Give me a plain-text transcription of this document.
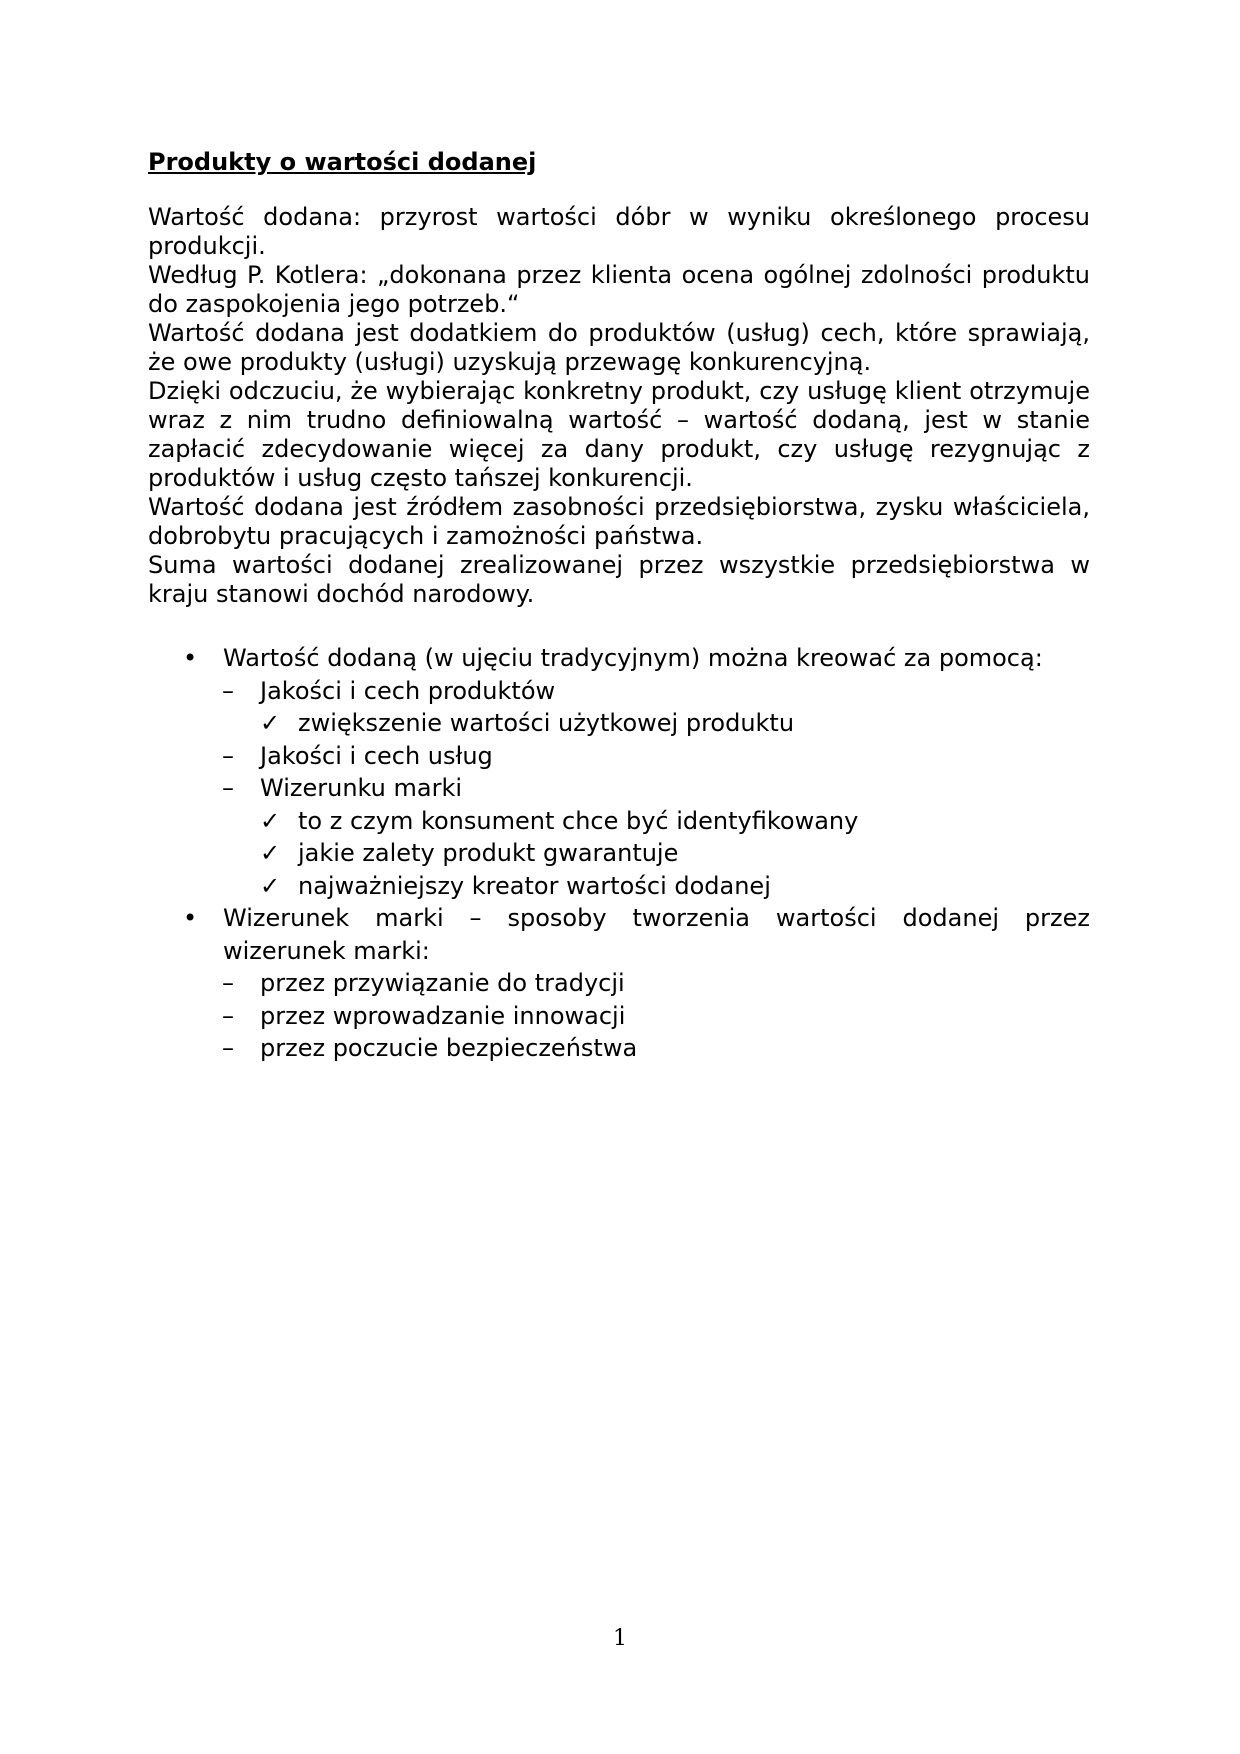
Produkty o wartości dodanej

Wartość dodana: przyrost wartości dóbr w wyniku określonego procesu produkcji.

Według P. Kotlera: „dokonana przez klienta ocena ogólnej zdolności produktu do zaspokojenia jego potrzeb.“

Wartość dodana jest dodatkiem do produktów (usług) cech, które sprawiają, że owe produkty (usługi) uzyskują przewagę konkurencyjną.

Dzięki odczuciu, że wybierając konkretny produkt, czy usługę klient otrzymuje wraz z nim trudno definiowalną wartość – wartość dodaną, jest w stanie zapłacić zdecydowanie więcej za dany produkt, czy usługę rezygnując z produktów i usług często tańszej konkurencji.

Wartość dodana jest źródłem zasobności przedsiębiorstwa, zysku właściciela, dobrobytu pracujących i zamożności państwa.

Suma wartości dodanej zrealizowanej przez wszystkie przedsiębiorstwa w kraju stanowi dochód narodowy.

• Wartość dodaną (w ujęciu tradycyjnym) można kreować za pomocą:
– Jakości i cech produktów
✓ zwiększenie wartości użytkowej produktu
– Jakości i cech usług
– Wizerunku marki
✓ to z czym konsument chce być identyfikowany
✓ jakie zalety produkt gwarantuje
✓ najważniejszy kreator wartości dodanej
• Wizerunek marki – sposoby tworzenia wartości dodanej przez wizerunek marki:
– przez przywiązanie do tradycji
– przez wprowadzanie innowacji
– przez poczucie bezpieczeństwa
1
